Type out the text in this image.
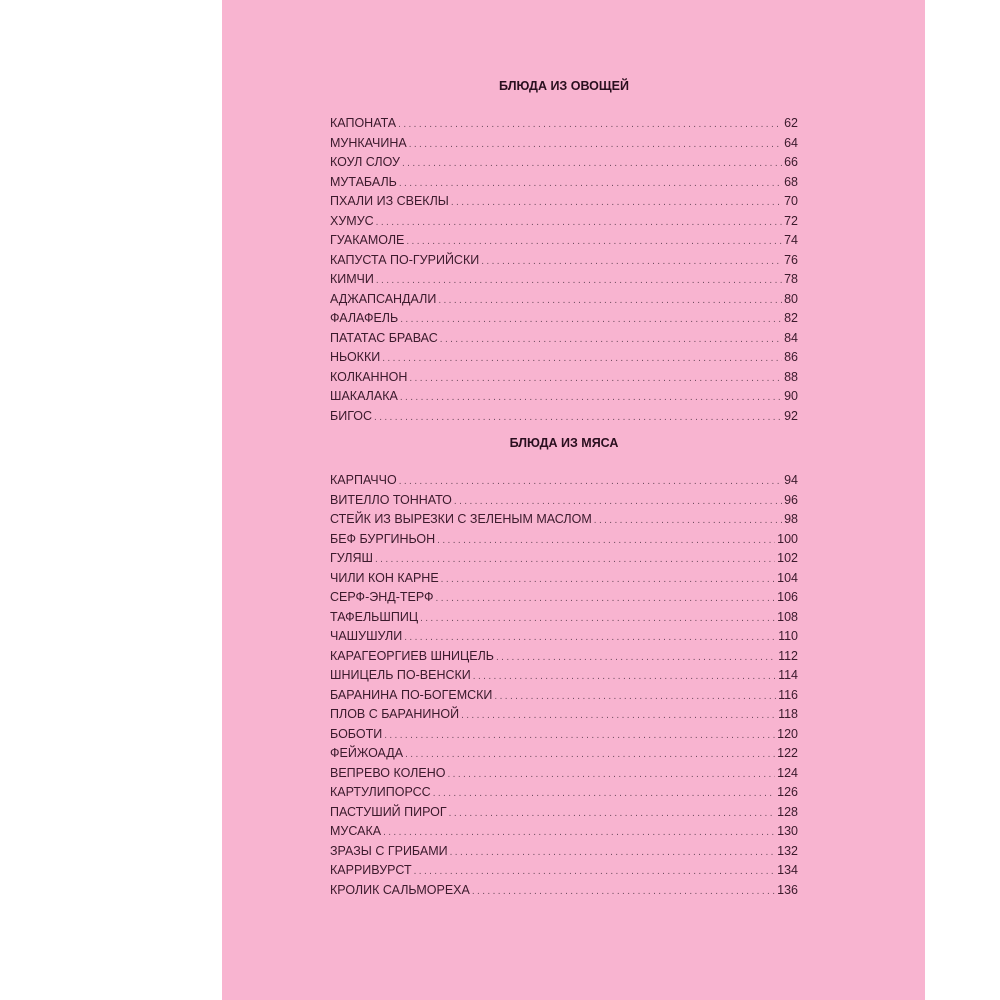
БЛЮДА ИЗ ОВОЩЕЙ
КАПОНАТА .....	62
МУНКАЧИНА .....	64
КОУЛ СЛОУ .....	66
МУТАБАЛЬ .....	68
ПХАЛИ ИЗ СВЕКЛЫ .....	70
ХУМУС .....	72
ГУАКАМОЛЕ .....	74
КАПУСТА ПО-ГУРИЙСКИ .....	76
КИМЧИ .....	78
АДЖАПСАНДАЛИ .....	80
ФАЛАФЕЛЬ .....	82
ПАТАТАС БРАВАС .....	84
НЬОККИ .....	86
КОЛКАННОН .....	88
ШАКАЛАКА .....	90
БИГОС .....	92
БЛЮДА ИЗ МЯСА
КАРПАЧЧО .....	94
ВИТЕЛЛО ТОННАТО .....	96
СТЕЙК ИЗ ВЫРЕЗКИ С ЗЕЛЕНЫМ МАСЛОМ .....	98
БЕФ БУРГИНЬОН .....	100
ГУЛЯШ .....	102
ЧИЛИ КОН КАРНЕ .....	104
СЕРФ-ЭНД-ТЕРФ .....	106
ТАФЕЛЬШПИЦ .....	108
ЧАШУШУЛИ .....	110
КАРАГЕОРГИЕВ ШНИЦЕЛЬ .....	112
ШНИЦЕЛЬ ПО-ВЕНСКИ .....	114
БАРАНИНА ПО-БОГЕМСКИ .....	116
ПЛОВ С БАРАНИНОЙ .....	118
БОБОТИ .....	120
ФЕЙЖОАДА .....	122
ВЕПРЕВО КОЛЕНО .....	124
КАРТУЛИПОРСС .....	126
ПАСТУШИЙ ПИРОГ .....	128
МУСАКА .....	130
ЗРАЗЫ С ГРИБАМИ .....	132
КАРРИВУРСТ .....	134
КРОЛИК САЛЬМОРЕХА .....	136
